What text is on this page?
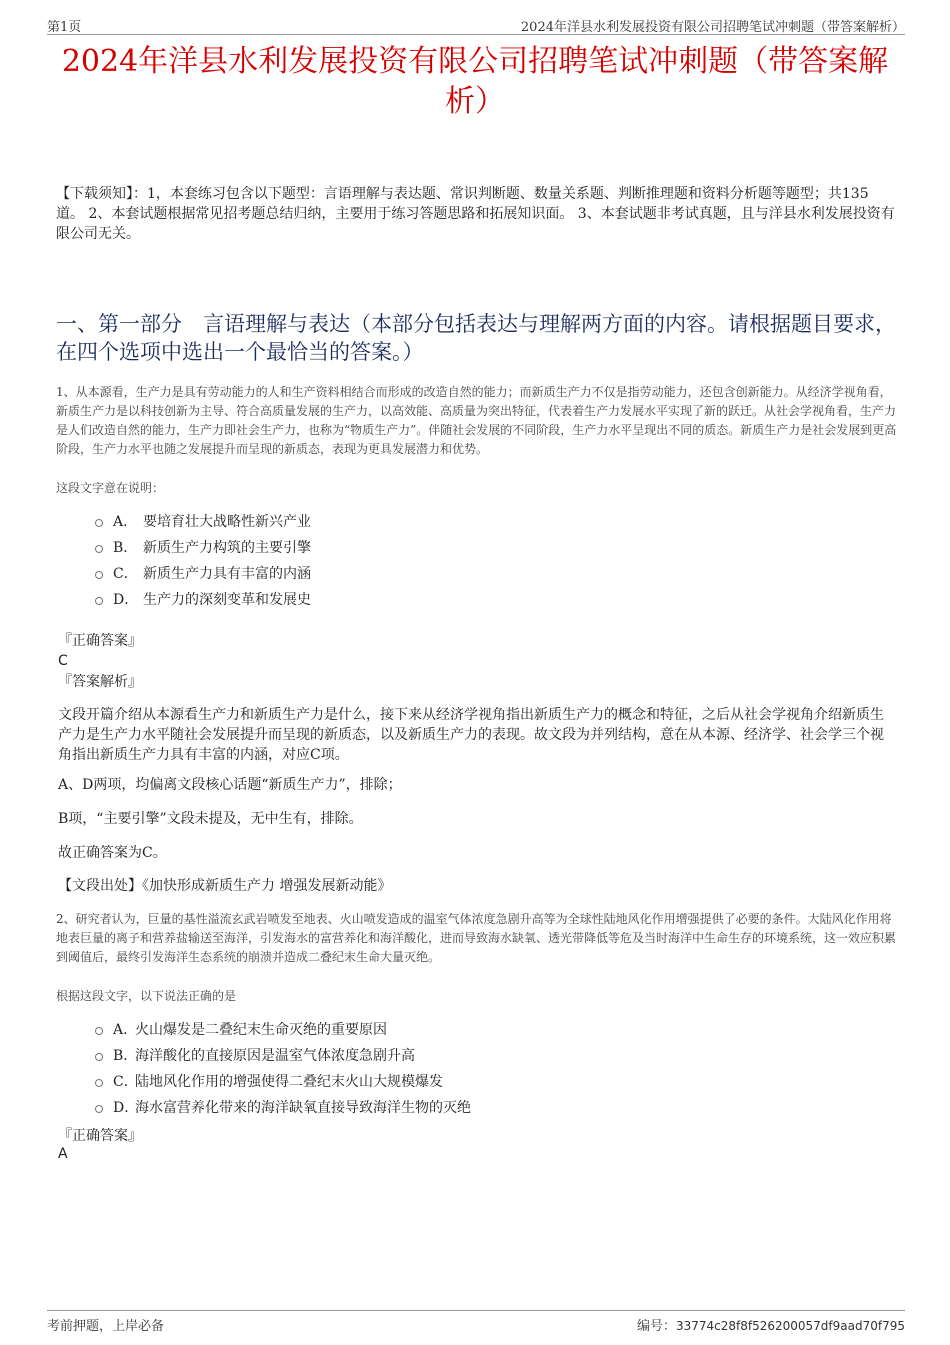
第1页	2024年洋县水利发展投资有限公司招聘笔试冲刺题（带答案解析）
2024年洋县水利发展投资有限公司招聘笔试冲刺题（带答案解析）
【下载须知】：1，本套练习包含以下题型：言语理解与表达题、常识判断题、数量关系题、判断推理题和资料分析题等题型；共135道。 2、本套试题根据常见招考题总结归纳，主要用于练习答题思路和拓展知识面。 3、本套试题非考试真题，且与洋县水利发展投资有限公司无关。
一、第一部分　言语理解与表达（本部分包括表达与理解两方面的内容。请根据题目要求，在四个选项中选出一个最恰当的答案。）
1、从本源看，生产力是具有劳动能力的人和生产资料相结合而形成的改造自然的能力；而新质生产力不仅是指劳动能力，还包含创新能力。从经济学视角看，新质生产力是以科技创新为主导、符合高质量发展的生产力，以高效能、高质量为突出特征，代表着生产力发展水平实现了新的跃迁。从社会学视角看，生产力是人们改造自然的能力，生产力即社会生产力，也称为“物质生产力”。伴随社会发展的不同阶段，生产力水平呈现出不同的质态。新质生产力是社会发展到更高阶段，生产力水平也随之发展提升而呈现的新质态，表现为更具发展潜力和优势。
这段文字意在说明：
A． 要培育壮大战略性新兴产业
B． 新质生产力构筑的主要引擎
C． 新质生产力具有丰富的内涵
D． 生产力的深刻变革和发展史
『正确答案』
C
『答案解析』
文段开篇介绍从本源看生产力和新质生产力是什么，接下来从经济学视角指出新质生产力的概念和特征，之后从社会学视角介绍新质生产力是生产力水平随社会发展提升而呈现的新质态，以及新质生产力的表现。故文段为并列结构，意在从本源、经济学、社会学三个视角指出新质生产力具有丰富的内涵，对应C项。
A、D两项，均偏离文段核心话题“新质生产力”，排除；
B项，“主要引擎”文段未提及，无中生有，排除。
故正确答案为C。
【文段出处】《加快形成新质生产力 增强发展新动能》
2、研究者认为，巨量的基性溢流玄武岩喷发至地表、火山喷发造成的温室气体浓度急剧升高等为全球性陆地风化作用增强提供了必要的条件。大陆风化作用将地表巨量的离子和营养盐输送至海洋，引发海水的富营养化和海洋酸化，进而导致海水缺氧、透光带降低等危及当时海洋中生命生存的环境系统，这一效应积累到阈值后，最终引发海洋生态系统的崩溃并造成二叠纪末生命大量灭绝。
根据这段文字，以下说法正确的是
A．
火山爆发是二叠纪末生命灭绝的重要原因
B．
海洋酸化的直接原因是温室气体浓度急剧升高
C．
陆地风化作用的增强使得二叠纪末火山大规模爆发
D．
海水富营养化带来的海洋缺氧直接导致海洋生物的灭绝
『正确答案』
A
考前押题，上岸必备	编号：33774c28f8f526200057df9aad70f795
